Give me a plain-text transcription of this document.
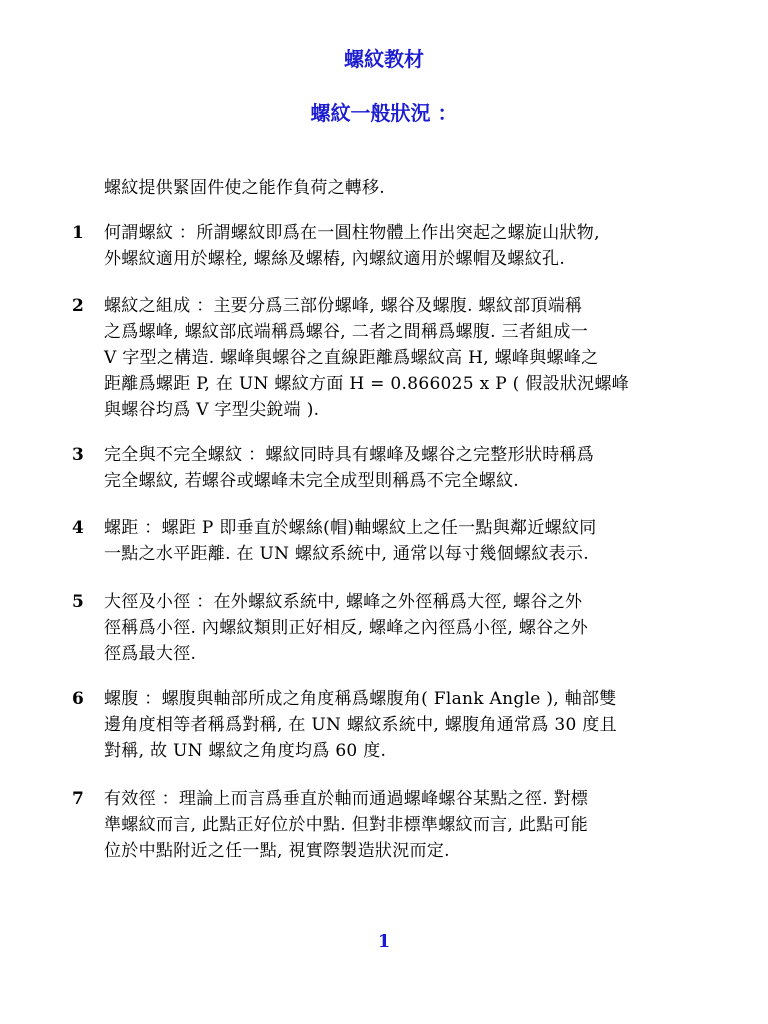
螺紋教材
螺紋一般狀況 ：
螺紋提供緊固件使之能作負荷之轉移.
1	何謂螺紋 ：所謂螺紋即爲在一圓柱物體上作出突起之螺旋山狀物,
外螺紋適用於螺栓, 螺絲及螺樁, 內螺紋適用於螺帽及螺紋孔.
2	螺紋之組成 ：主要分爲三部份螺峰, 螺谷及螺腹. 螺紋部頂端稱
之爲螺峰, 螺紋部底端稱爲螺谷, 二者之間稱爲螺腹. 三者組成一
V 字型之構造. 螺峰與螺谷之直線距離爲螺紋高 H, 螺峰與螺峰之
距離爲螺距 P, 在 UN 螺紋方面 H = 0.866025 x P ( 假設狀況螺峰
與螺谷均爲 V 字型尖銳端 ).
3	完全與不完全螺紋 ：螺紋同時具有螺峰及螺谷之完整形狀時稱爲
完全螺紋, 若螺谷或螺峰未完全成型則稱爲不完全螺紋.
4	螺距 ：螺距 P 即垂直於螺絲(帽)軸螺紋上之任一點與鄰近螺紋同
一點之水平距離. 在 UN 螺紋系統中, 通常以每寸幾個螺紋表示.
5	大徑及小徑 ：在外螺紋系統中, 螺峰之外徑稱爲大徑, 螺谷之外
徑稱爲小徑. 內螺紋類則正好相反, 螺峰之內徑爲小徑, 螺谷之外
徑爲最大徑.
6	螺腹 ：螺腹與軸部所成之角度稱爲螺腹角( Flank Angle ), 軸部雙
邊角度相等者稱爲對稱, 在 UN 螺紋系統中, 螺腹角通常爲 30 度且
對稱, 故 UN 螺紋之角度均爲 60 度.
7	有效徑 ：理論上而言爲垂直於軸而通過螺峰螺谷某點之徑. 對標
準螺紋而言, 此點正好位於中點. 但對非標準螺紋而言, 此點可能
位於中點附近之任一點, 視實際製造狀況而定.
1
